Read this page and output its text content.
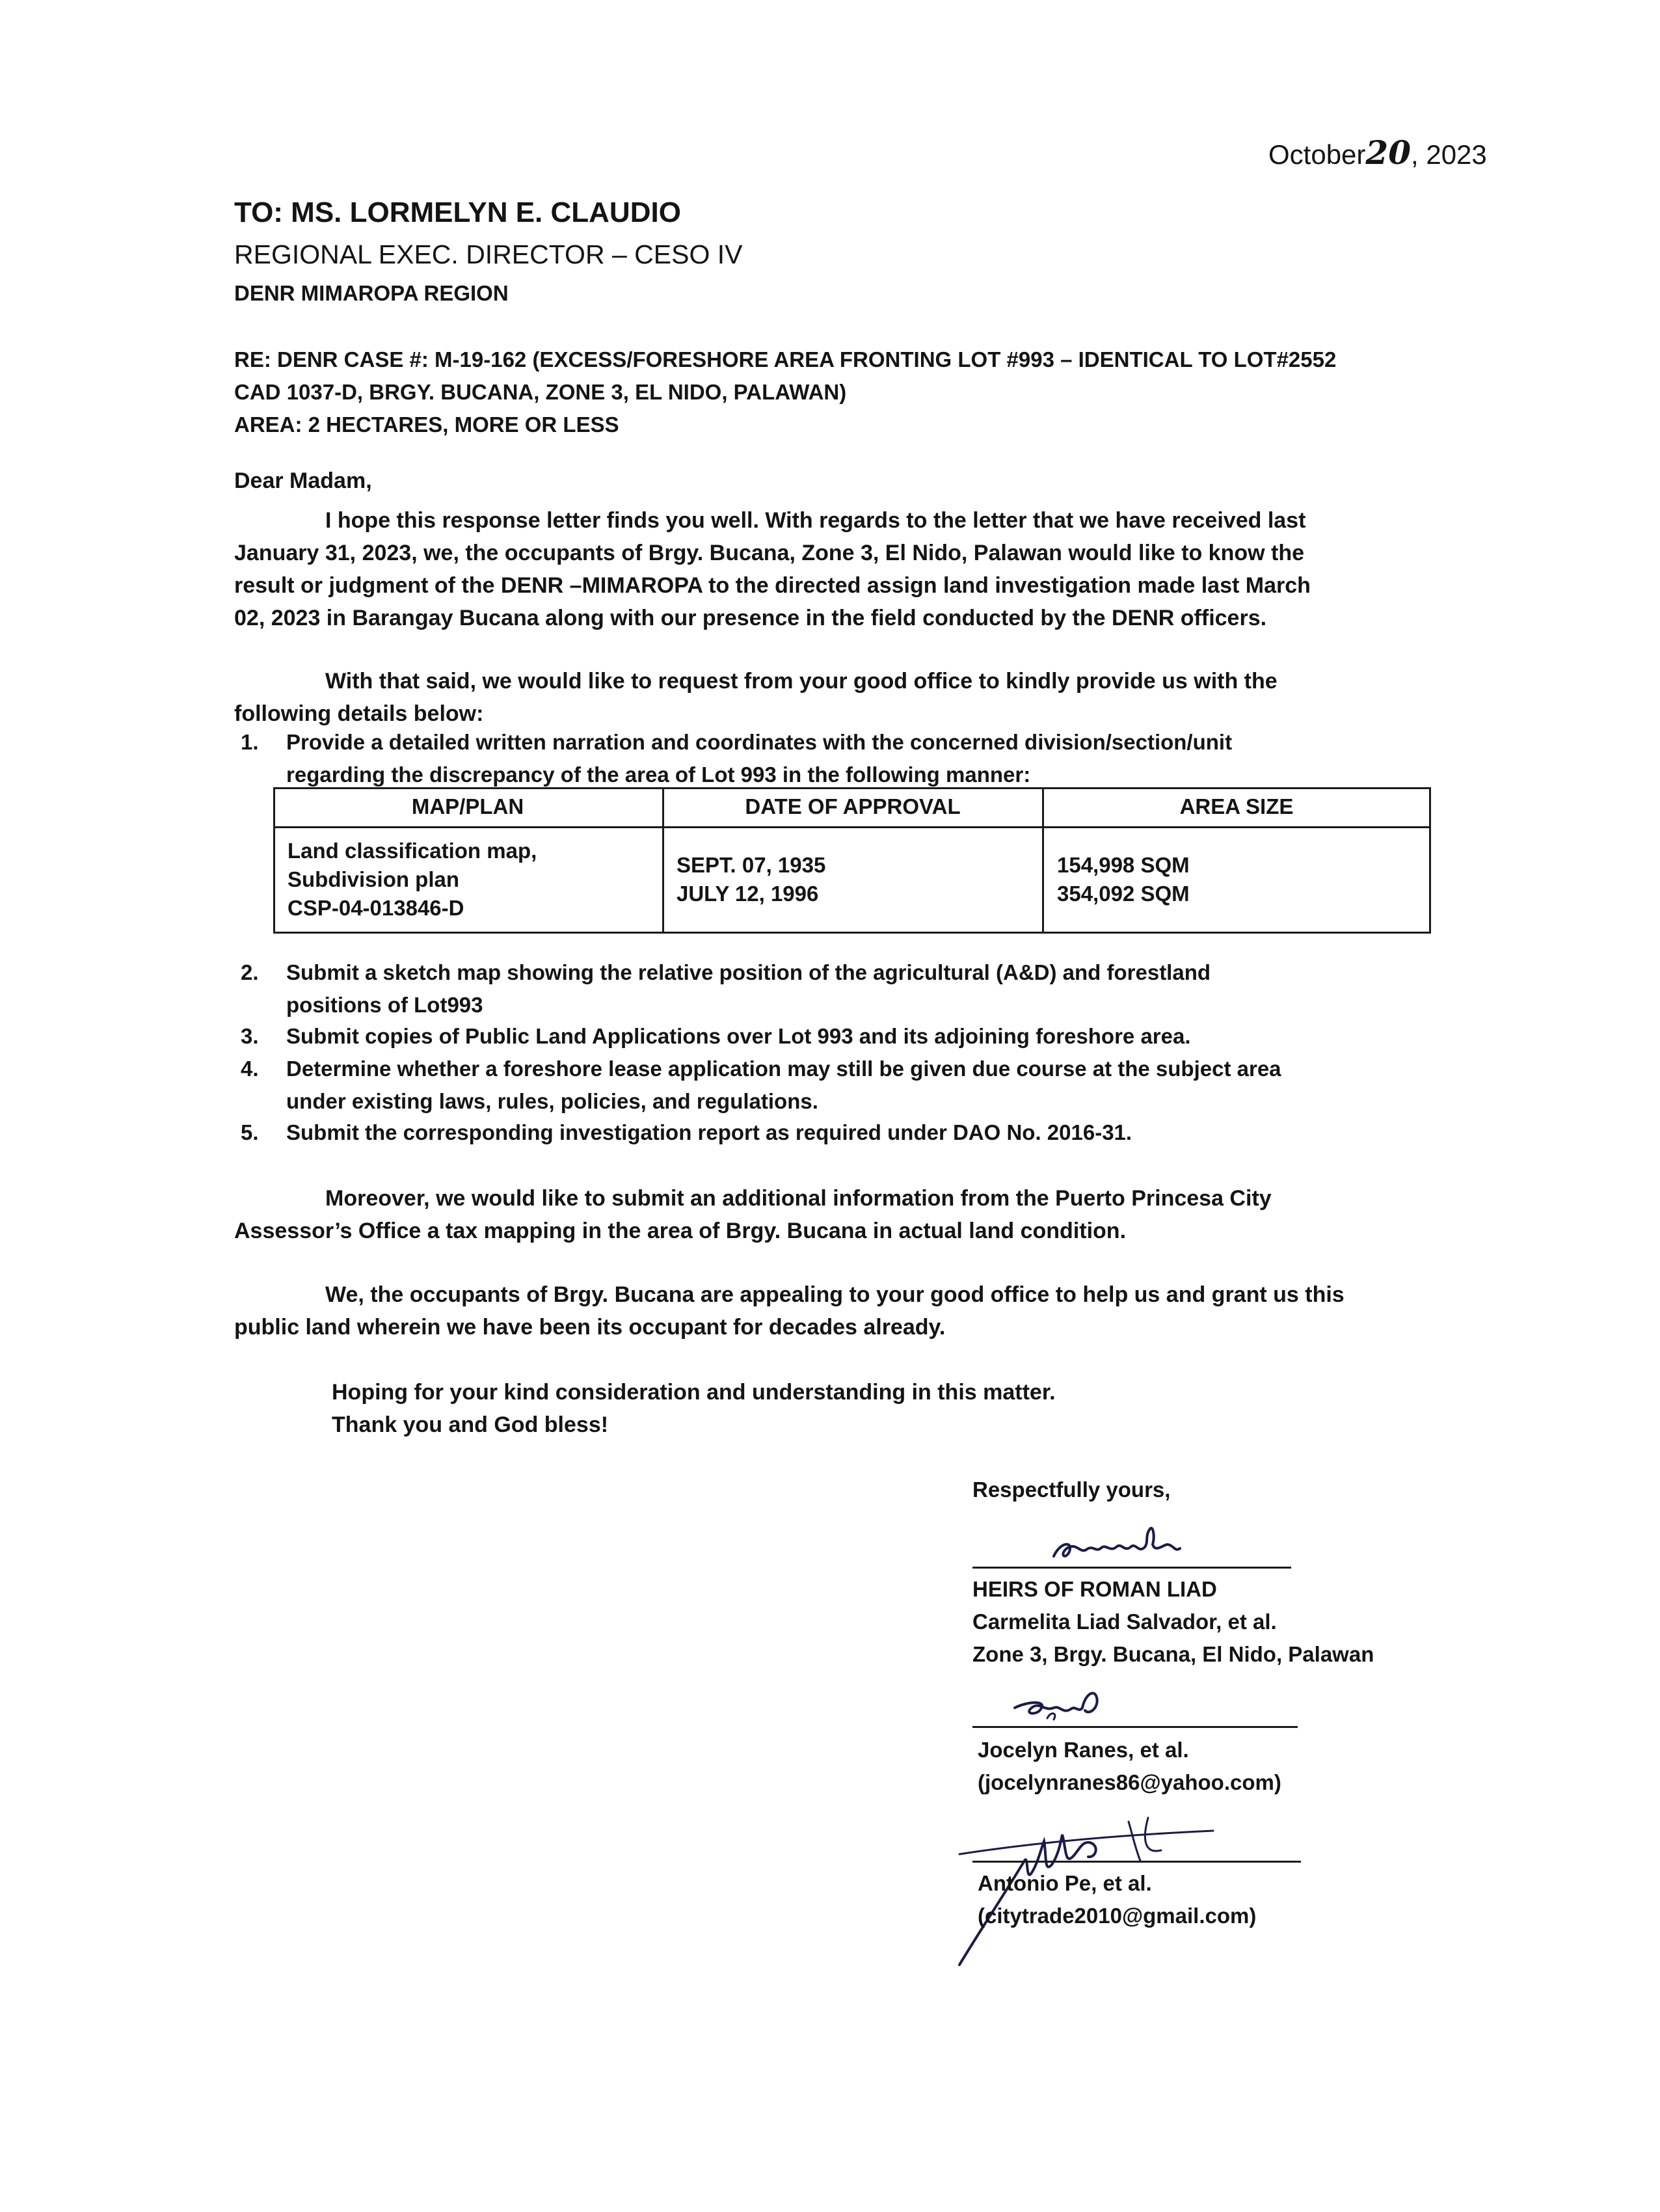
October20, 2023
TO: MS. LORMELYN E. CLAUDIO
REGIONAL EXEC. DIRECTOR – CESO IV
DENR MIMAROPA REGION

RE: DENR CASE #: M-19-162 (EXCESS/FORESHORE AREA FRONTING LOT #993 – IDENTICAL TO LOT#2552

CAD 1037-D, BRGY. BUCANA, ZONE 3, EL NIDO, PALAWAN)

AREA: 2 HECTARES, MORE OR LESS

Dear Madam,

I hope this response letter finds you well. With regards to the letter that we have received last

January 31, 2023, we, the occupants of Brgy. Bucana, Zone 3, El Nido, Palawan would like to know the

result or judgment of the DENR –MIMAROPA to the directed assign land investigation made last March

02, 2023 in Barangay Bucana along with our presence in the field conducted by the DENR officers.

With that said, we would like to request from your good office to kindly provide us with the

following details below:

1. Provide a detailed written narration and coordinates with the concerned division/section/unit
regarding the discrepancy of the area of Lot 993 in the following manner:
MAP/PLAN	DATE OF APPROVAL	AREA SIZE
Land classification map,
Subdivision plan
CSP-04-013846-D
SEPT. 07, 1935
JULY 12, 1996
154,998 SQM
354,092 SQM
2. Submit a sketch map showing the relative position of the agricultural (A&D) and forestland
positions of Lot993
3. Submit copies of Public Land Applications over Lot 993 and its adjoining foreshore area.
4. Determine whether a foreshore lease application may still be given due course at the subject area
under existing laws, rules, policies, and regulations.
5. Submit the corresponding investigation report as required under DAO No. 2016-31.

Moreover, we would like to submit an additional information from the Puerto Princesa City

Assessor’s Office a tax mapping in the area of Brgy. Bucana in actual land condition.

We, the occupants of Brgy. Bucana are appealing to your good office to help us and grant us this

public land wherein we have been its occupant for decades already.

Hoping for your kind consideration and understanding in this matter.

Thank you and God bless!

Respectfully yours,
HEIRS OF ROMAN LIAD
Carmelita Liad Salvador, et al.
Zone 3, Brgy. Bucana, El Nido, Palawan
Jocelyn Ranes, et al.
(jocelynranes86@yahoo.com)
Antonio Pe, et al.
(citytrade2010@gmail.com)
